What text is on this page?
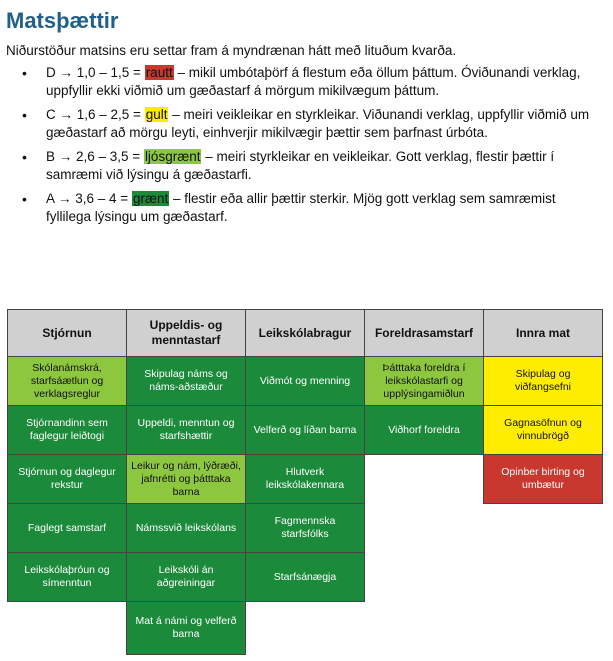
Matsþættir

Niðurstöður matsins eru settar fram á myndrænan hátt með lituðum kvarða.

• D → 1,0 – 1,5 = rautt – mikil umbótaþörf á flestum eða öllum þáttum. Óviðunandi verklag, uppfyllir ekki viðmið um gæðastarf á mörgum mikilvægum þáttum.
• C → 1,6 – 2,5 = gult – meiri veikleikar en styrkleikar. Viðunandi verklag, uppfyllir viðmið um gæðastarf að mörgu leyti, einhverjir mikilvægir þættir sem þarfnast úrbóta.
• B → 2,6 – 3,5 = ljósgrænt – meiri styrkleikar en veikleikar. Gott verklag, flestir þættir í samræmi við lýsingu á gæðastarfi.
• A → 3,6 – 4 = grænt – flestir eða allir þættir sterkir. Mjög gott verklag sem samræmist fyllilega lýsingu um gæðastarf.
Stjórnun
Uppeldis- og menntastarf
Leikskólabragur	Foreldrasamstarf	Innra mat
Skólanámskrá, starfsáætlun og verklagsreglur
Stjórnandinn sem faglegur leiðtogi
Stjórnun og daglegur rekstur
Faglegt samstarf
Leikskólaþróun og símenntun
Skipulag náms og náms-aðstæður
Uppeldi, menntun og starfshættir
Leikur og nám, lýðræði, jafnrétti og þátttaka barna
Námssvið leikskólans
Leikskóli án aðgreiningar
Mat á námi og velferð barna
Viðmót og menning
Velferð og líðan barna
Hlutverk leikskólakennara
Fagmennska starfsfólks
Starfsánægja
Þátttaka foreldra í leikskólastarfi og upplýsingamiðlun
Viðhorf foreldra
Skipulag og viðfangsefni
Gagnasöfnun og vinnubrögð
Opinber birting og umbætur
